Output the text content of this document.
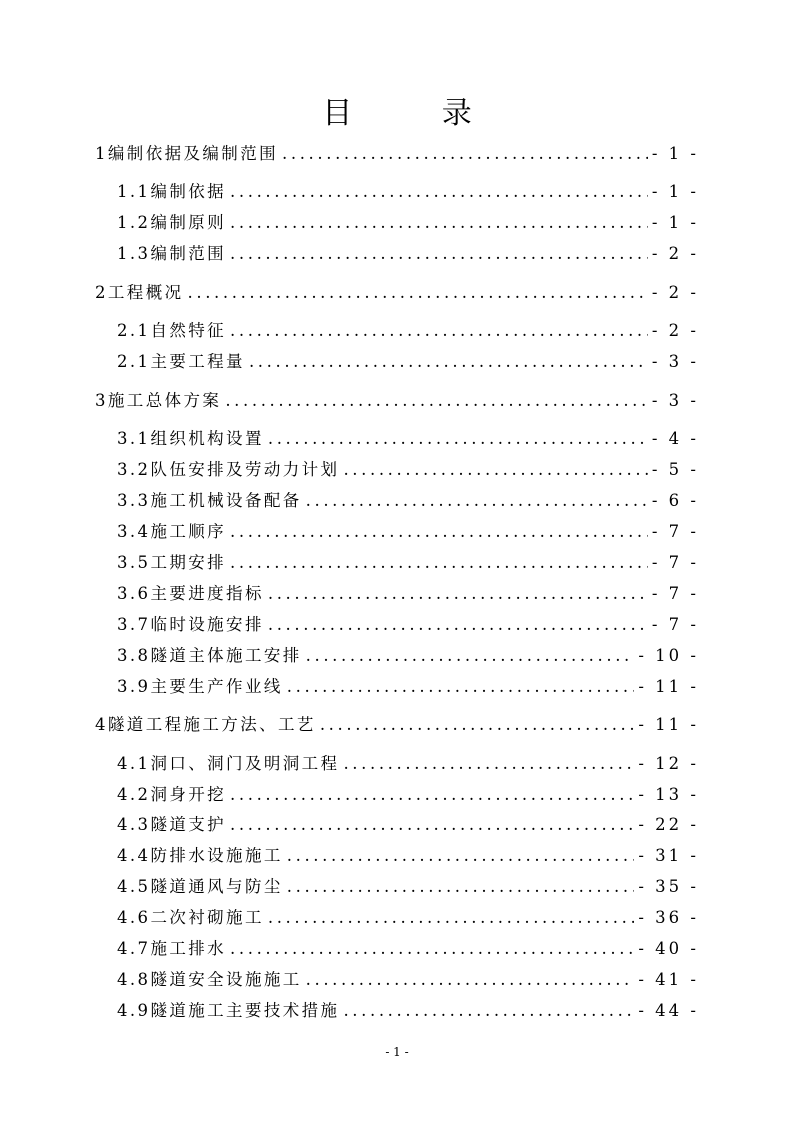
目 录
1编制依据及编制范围 .....	- 1 -
1.1编制依据 .....	- 1 -
1.2编制原则 .....	- 1 -
1.3编制范围 .....	- 2 -
2工程概况 .....	- 2 -
2.1自然特征 .....	- 2 -
2.1主要工程量 .....	- 3 -
3施工总体方案 .....	- 3 -
3.1组织机构设置 .....	- 4 -
3.2队伍安排及劳动力计划 .....	- 5 -
3.3施工机械设备配备 .....	- 6 -
3.4施工顺序 .....	- 7 -
3.5工期安排 .....	- 7 -
3.6主要进度指标 .....	- 7 -
3.7临时设施安排 .....	- 7 -
3.8隧道主体施工安排 .....	- 10 -
3.9主要生产作业线 .....	- 11 -
4隧道工程施工方法、工艺 .....	- 11 -
4.1洞口、洞门及明洞工程 .....	- 12 -
4.2洞身开挖 .....	- 13 -
4.3隧道支护 .....	- 22 -
4.4防排水设施施工 .....	- 31 -
4.5隧道通风与防尘 .....	- 35 -
4.6二次衬砌施工 .....	- 36 -
4.7施工排水 .....	- 40 -
4.8隧道安全设施施工 .....	- 41 -
4.9隧道施工主要技术措施 .....	- 44 -
- 1 -
